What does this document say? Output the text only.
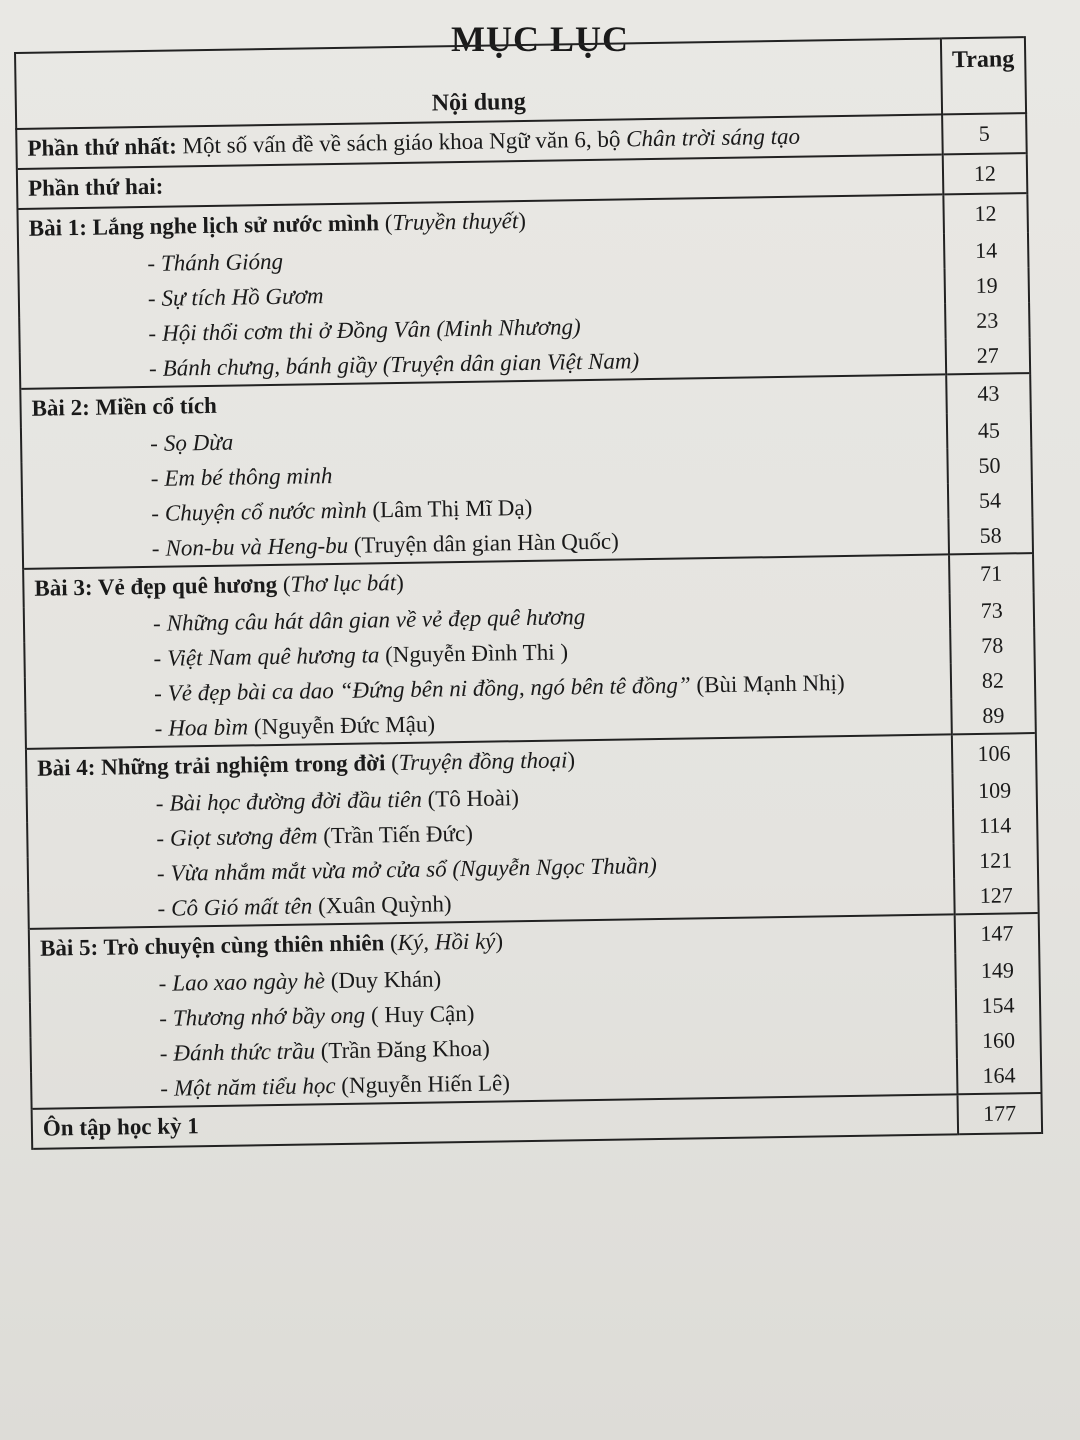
MỤC LỤC
Nội dung	Trang
Phần thứ nhất: Một số vấn đề về sách giáo khoa Ngữ văn 6, bộ Chân trời sáng tạo	5
Phần thứ hai:	12
Bài 1: Lắng nghe lịch sử nước mình (Truyền thuyết)	12
- Thánh Gióng	14
- Sự tích Hồ Gươm	19
- Hội thổi cơm thi ở Đồng Vân (Minh Nhương)	23
- Bánh chưng, bánh giầy (Truyện dân gian Việt Nam)	27
Bài 2: Miền cổ tích	43
- Sọ Dừa	45
- Em bé thông minh	50
- Chuyện cổ nước mình (Lâm Thị Mĩ Dạ)	54
- Non-bu và Heng-bu (Truyện dân gian Hàn Quốc)	58
Bài 3: Vẻ đẹp quê hương (Thơ lục bát)	71
- Những câu hát dân gian về vẻ đẹp quê hương	73
- Việt Nam quê hương ta (Nguyễn Đình Thi )	78
- Vẻ đẹp bài ca dao “Đứng bên ni đồng, ngó bên tê đồng” (Bùi Mạnh Nhị)	82
- Hoa bìm (Nguyễn Đức Mậu)	89
Bài 4: Những trải nghiệm trong đời (Truyện đồng thoại)	106
- Bài học đường đời đầu tiên (Tô Hoài)	109
- Giọt sương đêm (Trần Tiến Đức)	114
- Vừa nhắm mắt vừa mở cửa sổ (Nguyễn Ngọc Thuần)	121
- Cô Gió mất tên (Xuân Quỳnh)	127
Bài 5: Trò chuyện cùng thiên nhiên (Ký, Hồi ký)	147
- Lao xao ngày hè (Duy Khán)	149
- Thương nhớ bầy ong ( Huy Cận)	154
- Đánh thức trầu (Trần Đăng Khoa)	160
- Một năm tiểu học (Nguyễn Hiến Lê)	164
Ôn tập học kỳ 1	177
